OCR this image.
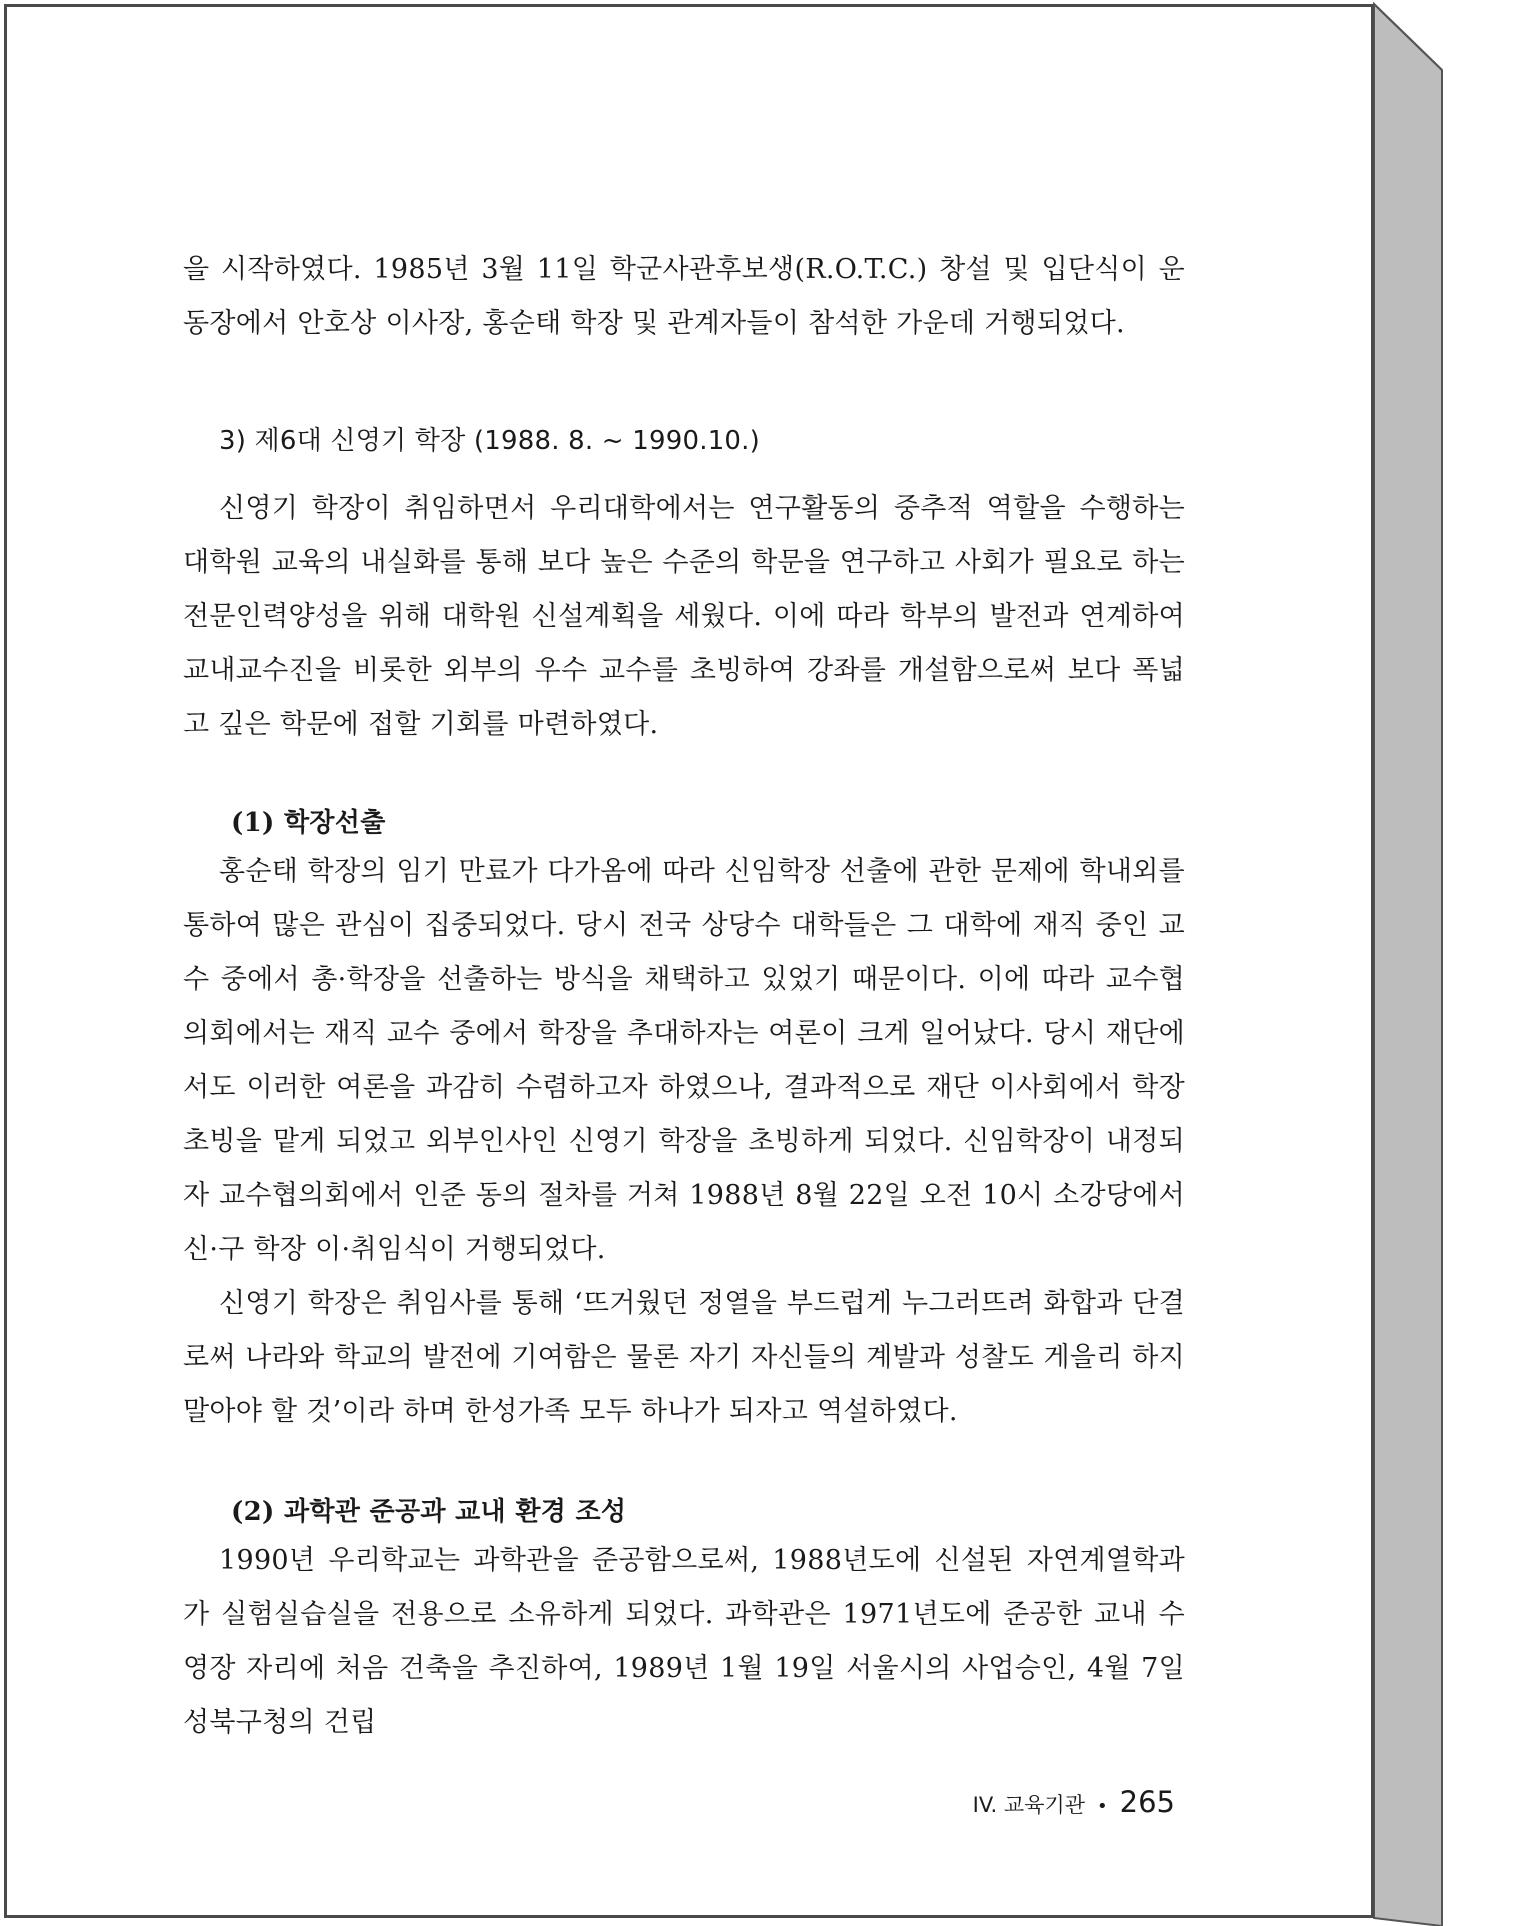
을 시작하였다. 1985년 3월 11일 학군사관후보생(R.O.T.C.) 창설 및 입단식이 운동장에서 안호상 이사장, 홍순태 학장 및 관계자들이 참석한 가운데 거행되었다.

3) 제6대 신영기 학장 (1988. 8. ~ 1990.10.)

신영기 학장이 취임하면서 우리대학에서는 연구활동의 중추적 역할을 수행하는 대학원 교육의 내실화를 통해 보다 높은 수준의 학문을 연구하고 사회가 필요로 하는 전문인력양성을 위해 대학원 신설계획을 세웠다. 이에 따라 학부의 발전과 연계하여 교내교수진을 비롯한 외부의 우수 교수를 초빙하여 강좌를 개설함으로써 보다 폭넓고 깊은 학문에 접할 기회를 마련하였다.

(1) 학장선출

홍순태 학장의 임기 만료가 다가옴에 따라 신임학장 선출에 관한 문제에 학내외를 통하여 많은 관심이 집중되었다. 당시 전국 상당수 대학들은 그 대학에 재직 중인 교수 중에서 총·학장을 선출하는 방식을 채택하고 있었기 때문이다. 이에 따라 교수협의회에서는 재직 교수 중에서 학장을 추대하자는 여론이 크게 일어났다. 당시 재단에서도 이러한 여론을 과감히 수렴하고자 하였으나, 결과적으로 재단 이사회에서 학장 초빙을 맡게 되었고 외부인사인 신영기 학장을 초빙하게 되었다. 신임학장이 내정되자 교수협의회에서 인준 동의 절차를 거쳐 1988년 8월 22일 오전 10시 소강당에서 신·구 학장 이·취임식이 거행되었다.

신영기 학장은 취임사를 통해 ‘뜨거웠던 정열을 부드럽게 누그러뜨려 화합과 단결로써 나라와 학교의 발전에 기여함은 물론 자기 자신들의 계발과 성찰도 게을리 하지 말아야 할 것’이라 하며 한성가족 모두 하나가 되자고 역설하였다.

(2) 과학관 준공과 교내 환경 조성

1990년 우리학교는 과학관을 준공함으로써, 1988년도에 신설된 자연계열학과가 실험실습실을 전용으로 소유하게 되었다. 과학관은 1971년도에 준공한 교내 수영장 자리에 처음 건축을 추진하여, 1989년 1월 19일 서울시의 사업승인, 4월 7일 성북구청의 건립

IV. 교육기관 • 265
